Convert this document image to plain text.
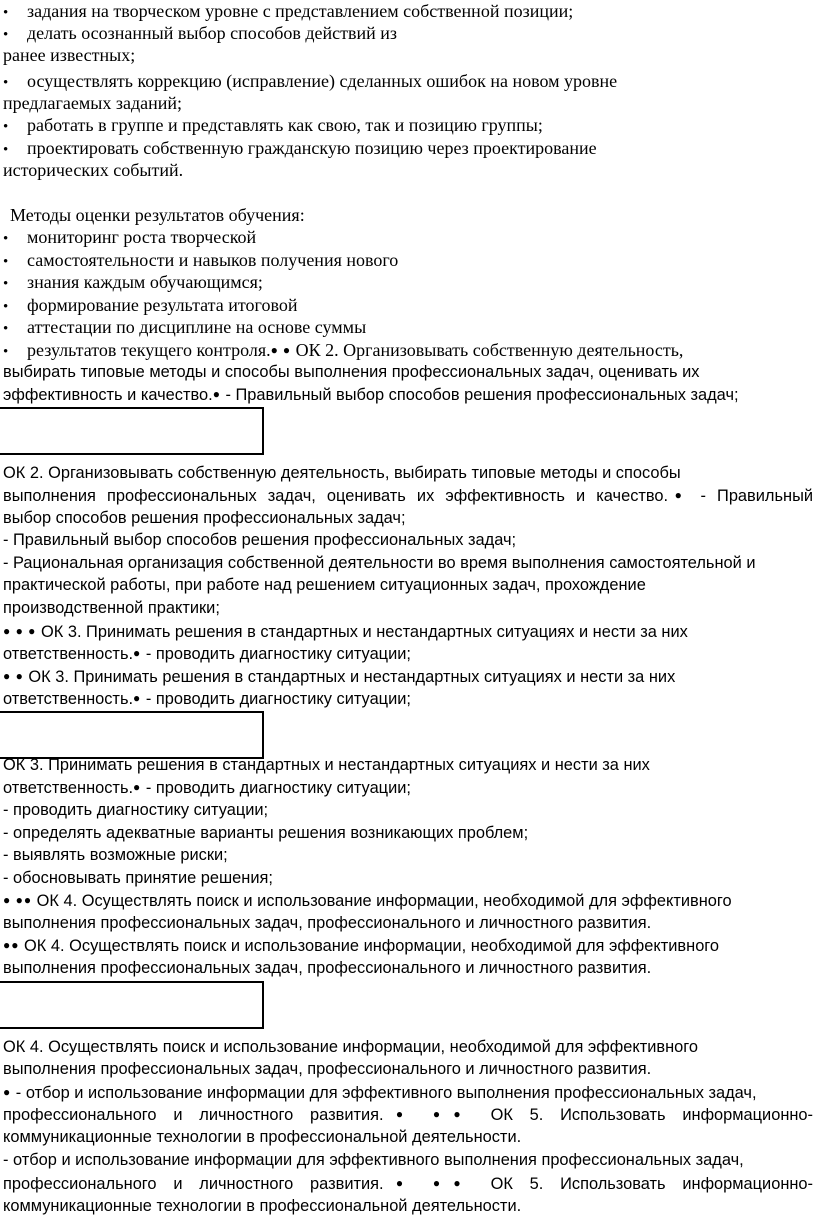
• задания на творческом уровне с представлением собственной позиции;
• делать осознанный выбор способов действий из
ранее известных;
• осуществлять коррекцию (исправление) сделанных ошибок на новом уровне
предлагаемых заданий;
• работать в группе и представлять как свою, так и позицию группы;
• проектировать собственную гражданскую позицию через проектирование
исторических событий.
Методы оценки результатов обучения:
• мониторинг роста творческой
• самостоятельности и навыков получения нового
• знания каждым обучающимся;
• формирование результата итоговой
• аттестации по дисциплине на основе суммы
• результатов текущего контроля.● ● ОК 2. Организовывать собственную деятельность,
выбирать типовые методы и способы выполнения профессиональных задач, оценивать их
эффективность и качество.● - Правильный выбор способов решения профессиональных задач;
ОК 2. Организовывать собственную деятельность, выбирать типовые методы и способы
выполнения профессиональных задач, оценивать их эффективность и качество.● - Правильный
выбор способов решения профессиональных задач;
- Правильный выбор способов решения профессиональных задач;
- Рациональная организация собственной деятельности во время выполнения самостоятельной и
практической работы, при работе над решением ситуационных задач, прохождение
производственной практики;
● ● ● ОК 3. Принимать решения в стандартных и нестандартных ситуациях и нести за них
ответственность.● - проводить диагностику ситуации;
● ● ОК 3. Принимать решения в стандартных и нестандартных ситуациях и нести за них
ответственность.● - проводить диагностику ситуации;
ОК 3. Принимать решения в стандартных и нестандартных ситуациях и нести за них
ответственность.● - проводить диагностику ситуации;
- проводить диагностику ситуации;
- определять адекватные варианты решения возникающих проблем;
- выявлять возможные риски;
- обосновывать принятие решения;
● ●● ОК 4. Осуществлять поиск и использование информации, необходимой для эффективного
выполнения профессиональных задач, профессионального и личностного развития.
●● ОК 4. Осуществлять поиск и использование информации, необходимой для эффективного
выполнения профессиональных задач, профессионального и личностного развития.
ОК 4. Осуществлять поиск и использование информации, необходимой для эффективного
выполнения профессиональных задач, профессионального и личностного развития.
● - отбор и использование информации для эффективного выполнения профессиональных задач,
профессионального и личностного развития.● ●● ОК 5. Использовать информационно-
коммуникационные технологии в профессиональной деятельности.
- отбор и использование информации для эффективного выполнения профессиональных задач,
профессионального и личностного развития.● ●● ОК 5. Использовать информационно-
коммуникационные технологии в профессиональной деятельности.
